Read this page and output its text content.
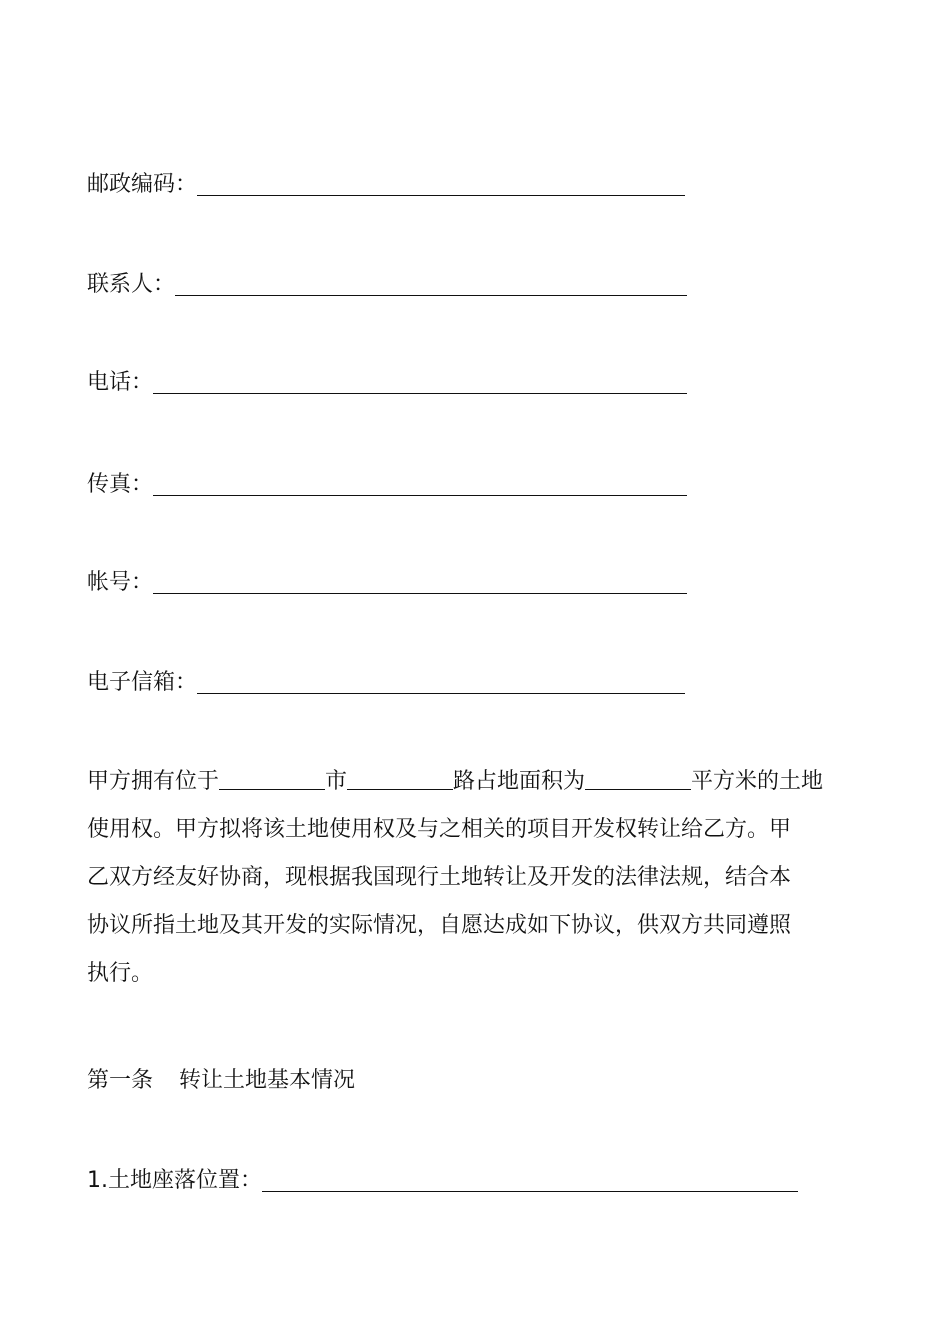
邮政编码：
联系人：
电话：
传真：
帐号：
电子信箱：
甲方拥有位于	市	路占地面积为	平方米的土地
使用权。甲方拟将该土地使用权及与之相关的项目开发权转让给乙方。甲
乙双方经友好协商，现根据我国现行土地转让及开发的法律法规，结合本
协议所指土地及其开发的实际情况，自愿达成如下协议，供双方共同遵照
执行。
第一条 转让土地基本情况
1.土地座落位置：
